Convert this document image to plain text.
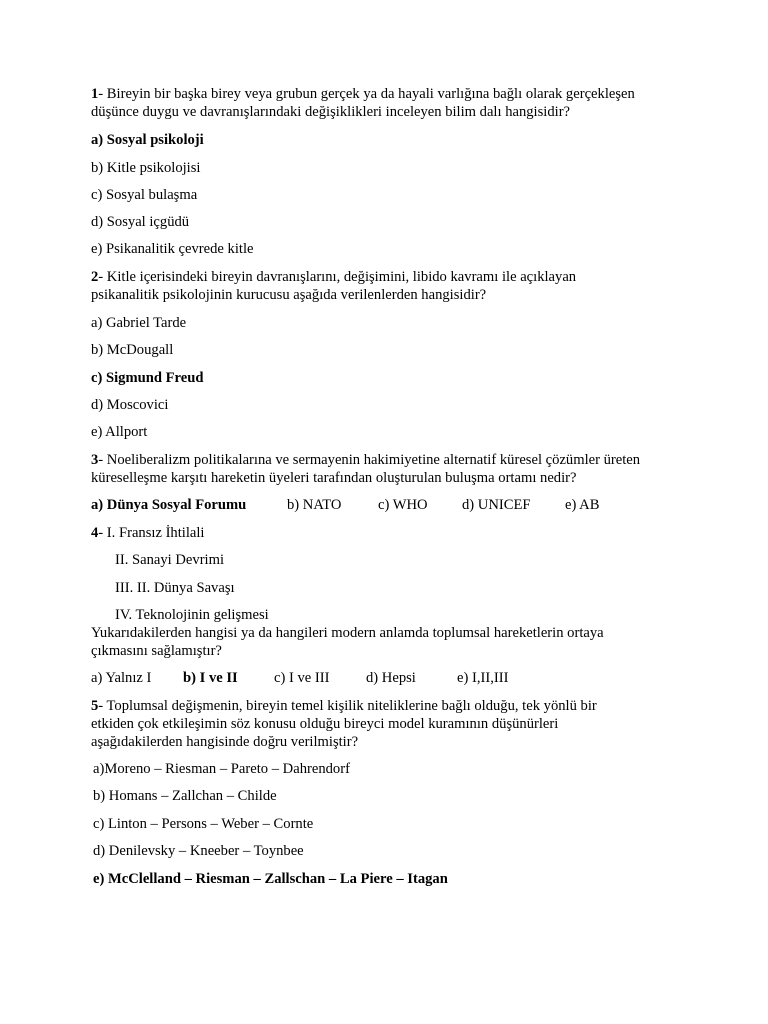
1- Bireyin bir başka birey veya grubun gerçek ya da hayali varlığına bağlı olarak gerçekleşen
düşünce duygu ve davranışlarındaki değişiklikleri inceleyen bilim dalı hangisidir?
a) Sosyal psikoloji
b) Kitle psikolojisi
c) Sosyal bulaşma
d) Sosyal içgüdü
e) Psikanalitik çevrede kitle
2- Kitle içerisindeki bireyin davranışlarını, değişimini, libido kavramı ile açıklayan
psikanalitik psikolojinin kurucusu aşağıda verilenlerden hangisidir?
a) Gabriel Tarde
b) McDougall
c) Sigmund Freud
d) Moscovici
e) Allport
3- Noeliberalizm politikalarına ve sermayenin hakimiyetine alternatif küresel çözümler üreten
küreselleşme karşıtı hareketin üyeleri tarafından oluşturulan buluşma ortamı nedir?
a) Dünya Sosyal Forumu	b) NATO	c) WHO d) UNICEF e) AB
4- I. Fransız İhtilali
II. Sanayi Devrimi
III. II. Dünya Savaşı
IV. Teknolojinin gelişmesi
Yukarıdakilerden hangisi ya da hangileri modern anlamda toplumsal hareketlerin ortaya
çıkmasını sağlamıştır?
a) Yalnız I b) I ve II c) I ve III	d) Hepsi	e) I,II,III
5- Toplumsal değişmenin, bireyin temel kişilik niteliklerine bağlı olduğu, tek yönlü bir
etkiden çok etkileşimin söz konusu olduğu bireyci model kuramının düşünürleri
aşağıdakilerden hangisinde doğru verilmiştir?
a)Moreno – Riesman – Pareto – Dahrendorf
b) Homans – Zallchan – Childe
c) Linton – Persons – Weber – Cornte
d) Denilevsky – Kneeber – Toynbee
e) McClelland – Riesman – Zallschan – La Piere – Itagan
